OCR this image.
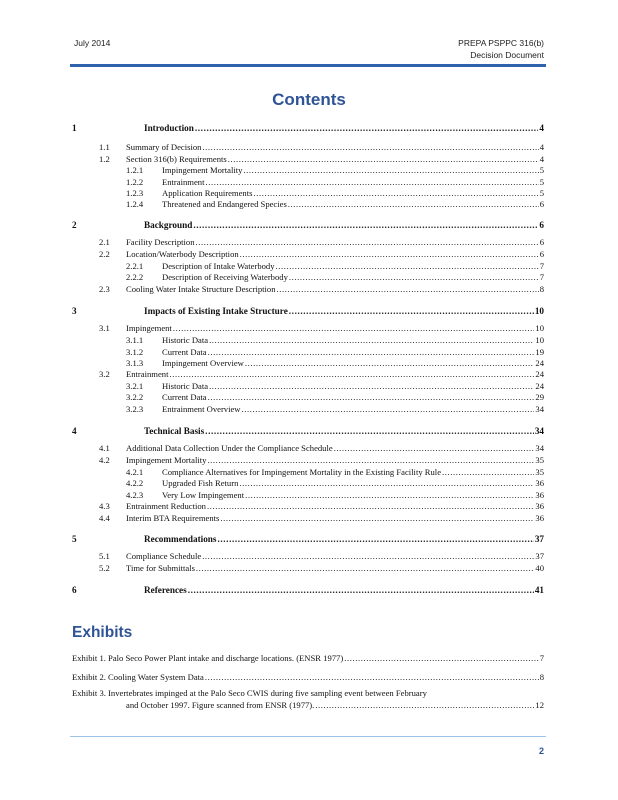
July 2014	PREPA PSPPC 316(b)
Decision Document
Contents
1	Introduction .....	4
1.1 Summary of Decision .....	4
1.2 Section 316(b) Requirements .....	4
1.2.1 Impingement Mortality .....	5
1.2.2 Entrainment .....	5
1.2.3 Application Requirements .....	5
1.2.4 Threatened and Endangered Species .....	6
2	Background .....	6
2.1 Facility Description .....	6
2.2 Location/Waterbody Description .....	6
2.2.1 Description of Intake Waterbody .....	7
2.2.2 Description of Receiving Waterbody .....	7
2.3 Cooling Water Intake Structure Description .....	8
3	Impacts of Existing Intake Structure .....	10
3.1 Impingement .....	10
3.1.1 Historic Data .....	10
3.1.2 Current Data .....	19
3.1.3 Impingement Overview .....	24
3.2 Entrainment .....	24
3.2.1 Historic Data .....	24
3.2.2 Current Data .....	29
3.2.3 Entrainment Overview .....	34
4	Technical Basis .....	34
4.1 Additional Data Collection Under the Compliance Schedule .....	34
4.2 Impingement Mortality .....	35
4.2.1 Compliance Alternatives for Impingement Mortality in the Existing Facility Rule .....	35
4.2.2 Upgraded Fish Return .....	36
4.2.3 Very Low Impingement .....	36
4.3 Entrainment Reduction .....	36
4.4 Interim BTA Requirements .....	36
5	Recommendations .....	37
5.1 Compliance Schedule .....	37
5.2 Time for Submittals .....	40
6	References .....	41
Exhibits
Exhibit 1. Palo Seco Power Plant intake and discharge locations. (ENSR 1977) .....	7
Exhibit 2. Cooling Water System Data .....	8
Exhibit 3. Invertebrates impinged at the Palo Seco CWIS during five sampling event between February
and October 1997. Figure scanned from ENSR (1977). .....	12
2
